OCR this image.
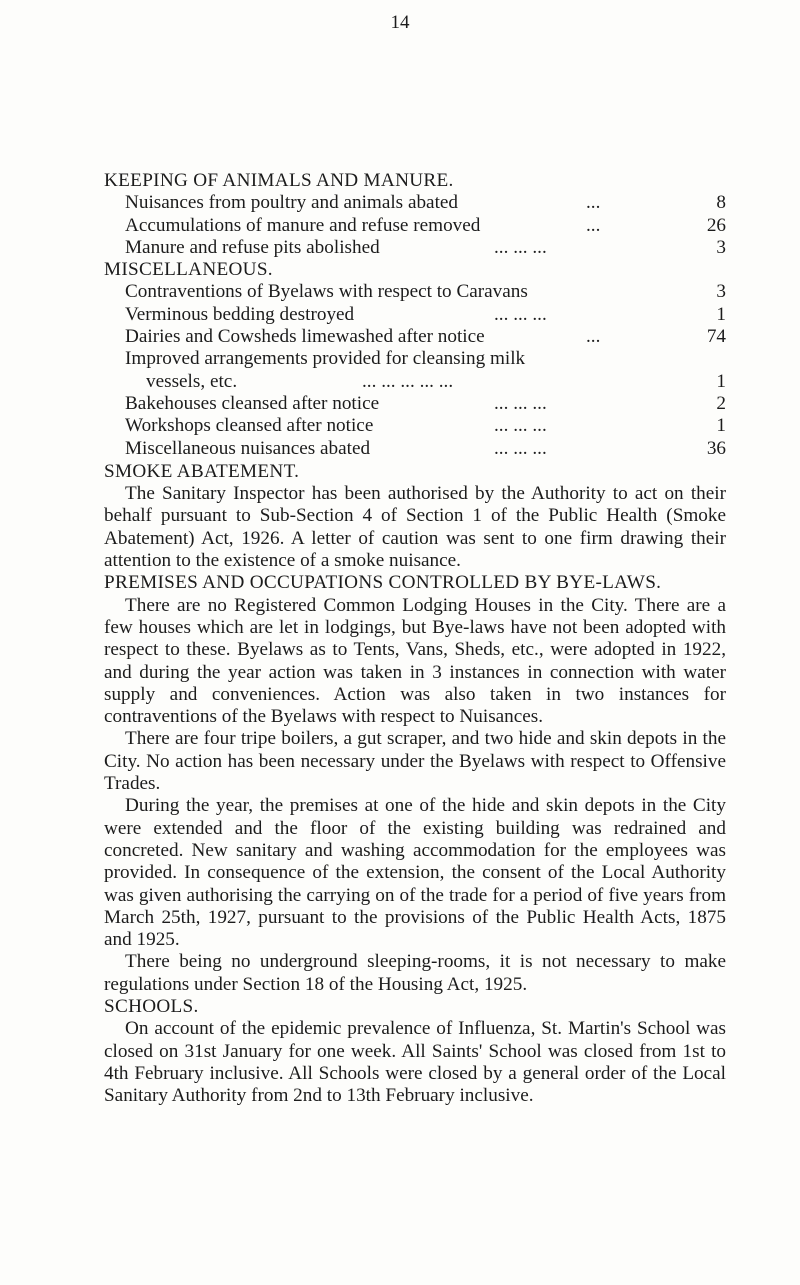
14
KEEPING OF ANIMALS AND MANURE.
Nuisances from poultry and animals abated	...	8
Accumulations of manure and refuse removed	...	26
Manure and refuse pits abolished	... ... ...	3
MISCELLANEOUS.
Contraventions of Byelaws with respect to Caravans	3
Verminous bedding destroyed	... ... ...	1
Dairies and Cowsheds limewashed after notice	...	74
Improved arrangements provided for cleansing milk
vessels, etc.	... ... ... ... ...	1
Bakehouses cleansed after notice	... ... ...	2
Workshops cleansed after notice	... ... ...	1
Miscellaneous nuisances abated	... ... ...	36
SMOKE ABATEMENT.

The Sanitary Inspector has been authorised by the Authority to act on their behalf pursuant to Sub-Section 4 of Section 1 of the Public Health (Smoke Abatement) Act, 1926. A letter of caution was sent to one firm drawing their attention to the existence of a smoke nuisance.

PREMISES AND OCCUPATIONS CONTROLLED BY BYE-LAWS.

There are no Registered Common Lodging Houses in the City. There are a few houses which are let in lodgings, but Bye-laws have not been adopted with respect to these. Byelaws as to Tents, Vans, Sheds, etc., were adopted in 1922, and during the year action was taken in 3 instances in connection with water supply and conveniences. Action was also taken in two instances for contraventions of the Byelaws with respect to Nuisances.

There are four tripe boilers, a gut scraper, and two hide and skin depots in the City. No action has been necessary under the Byelaws with respect to Offensive Trades.

During the year, the premises at one of the hide and skin depots in the City were extended and the floor of the existing building was redrained and concreted. New sanitary and washing accommodation for the employees was provided. In consequence of the extension, the consent of the Local Authority was given authorising the carrying on of the trade for a period of five years from March 25th, 1927, pursuant to the provisions of the Public Health Acts, 1875 and 1925.

There being no underground sleeping-rooms, it is not necessary to make regulations under Section 18 of the Housing Act, 1925.

SCHOOLS.

On account of the epidemic prevalence of Influenza, St. Martin's School was closed on 31st January for one week. All Saints' School was closed from 1st to 4th February inclusive. All Schools were closed by a general order of the Local Sanitary Authority from 2nd to 13th February inclusive.
